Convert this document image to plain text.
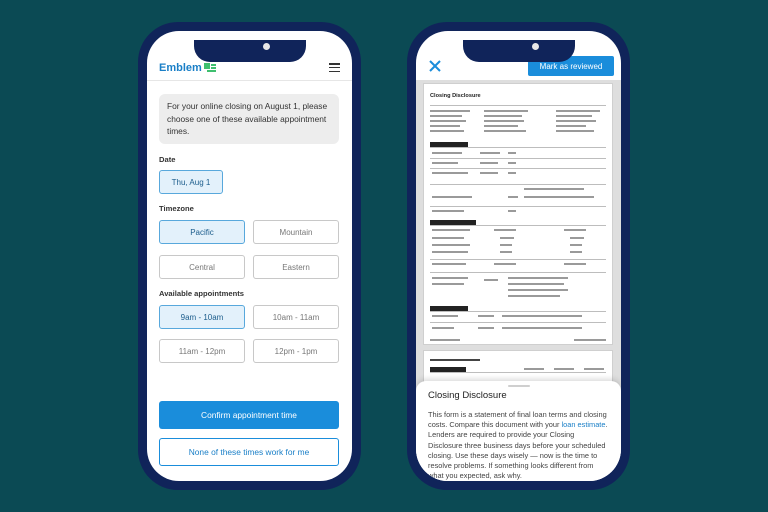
Emblem
For your online closing on August 1, please choose one of these available appointment times.
Date
Thu, Aug 1
Timezone
Pacific	Mountain
Central	Eastern
Available appointments
9am - 10am	10am - 11am
11am - 12pm	12pm - 1pm
Confirm appointment time
None of these times work for me
Mark as reviewed
Closing Disclosure
Closing Disclosure

This form is a statement of final loan terms and closing costs. Compare this document with your loan estimate.

Lenders are required to provide your Closing Disclosure three business days before your scheduled closing. Use these days wisely — now is the time to resolve problems. If something looks different from what you expected, ask why.
